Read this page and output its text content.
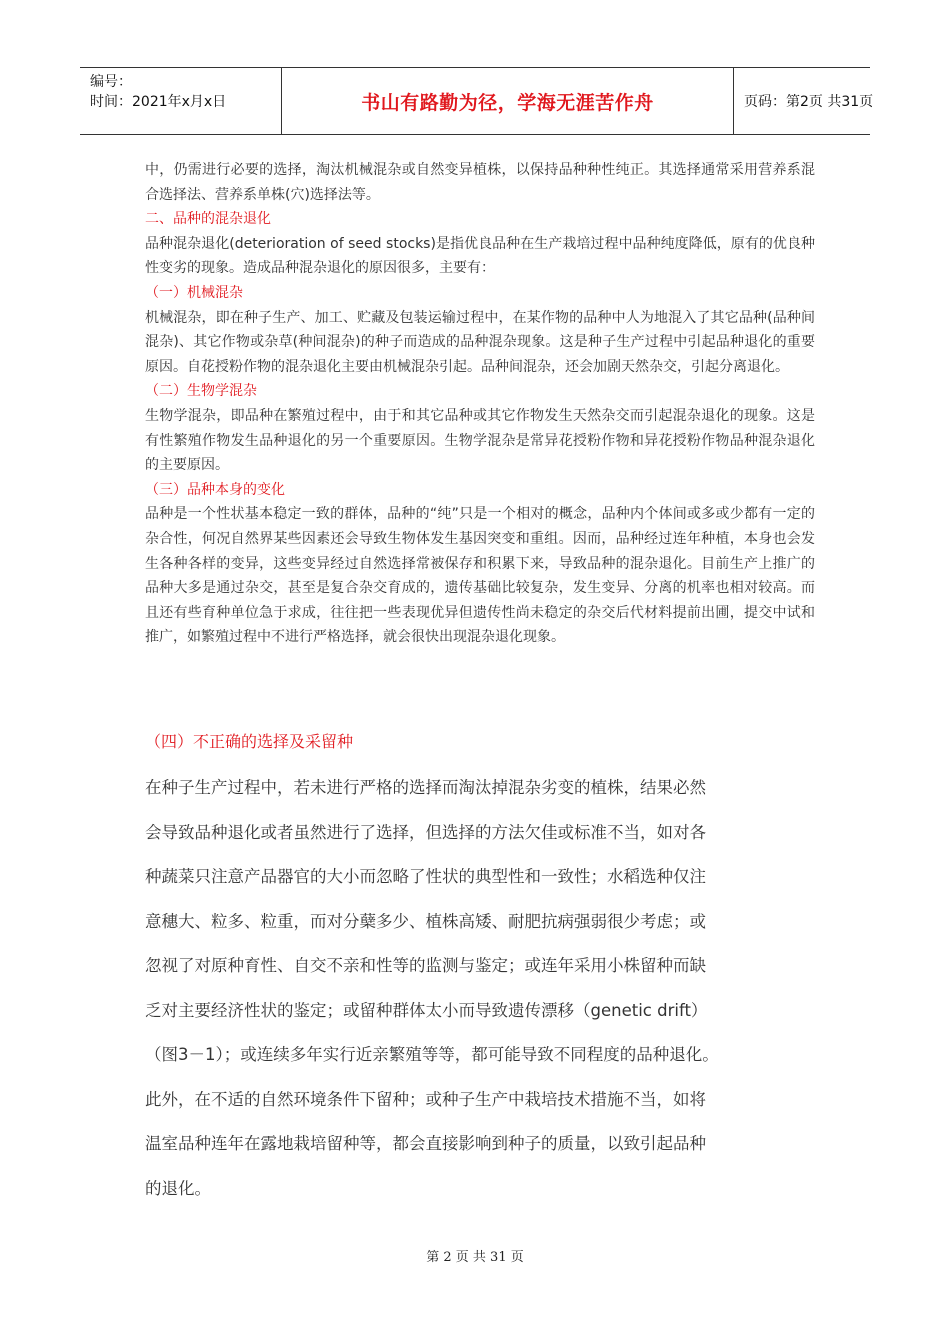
编号：
时间：2021年x月x日	书山有路勤为径，学海无涯苦作舟	页码：第2页 共31页

中，仍需进行必要的选择，淘汰机械混杂或自然变异植株，以保持品种种性纯正。其选择通常采用营养系混合选择法、营养系单株(穴)选择法等。

二、品种的混杂退化

品种混杂退化(deterioration of seed stocks)是指优良品种在生产栽培过程中品种纯度降低，原有的优良种性变劣的现象。造成品种混杂退化的原因很多，主要有：

（一）机械混杂

机械混杂，即在种子生产、加工、贮藏及包装运输过程中，在某作物的品种中人为地混入了其它品种(品种间混杂)、其它作物或杂草(种间混杂)的种子而造成的品种混杂现象。这是种子生产过程中引起品种退化的重要原因。自花授粉作物的混杂退化主要由机械混杂引起。品种间混杂，还会加剧天然杂交，引起分离退化。

（二）生物学混杂

生物学混杂，即品种在繁殖过程中，由于和其它品种或其它作物发生天然杂交而引起混杂退化的现象。这是有性繁殖作物发生品种退化的另一个重要原因。生物学混杂是常异花授粉作物和异花授粉作物品种混杂退化的主要原因。

（三）品种本身的变化

品种是一个性状基本稳定一致的群体，品种的“纯”只是一个相对的概念，品种内个体间或多或少都有一定的杂合性，何况自然界某些因素还会导致生物体发生基因突变和重组。因而，品种经过连年种植，本身也会发生各种各样的变异，这些变异经过自然选择常被保存和积累下来，导致品种的混杂退化。目前生产上推广的品种大多是通过杂交，甚至是复合杂交育成的，遗传基础比较复杂，发生变异、分离的机率也相对较高。而且还有些育种单位急于求成，往往把一些表现优异但遗传性尚未稳定的杂交后代材料提前出圃，提交中试和推广，如繁殖过程中不进行严格选择，就会很快出现混杂退化现象。

（四）不正确的选择及采留种

在种子生产过程中，若未进行严格的选择而淘汰掉混杂劣变的植株，结果必然

会导致品种退化或者虽然进行了选择，但选择的方法欠佳或标准不当，如对各

种蔬菜只注意产品器官的大小而忽略了性状的典型性和一致性；水稻选种仅注

意穗大、粒多、粒重，而对分蘖多少、植株高矮、耐肥抗病强弱很少考虑；或

忽视了对原种育性、自交不亲和性等的监测与鉴定；或连年采用小株留种而缺

乏对主要经济性状的鉴定；或留种群体太小而导致遗传漂移（genetic drift）

（图3－1）；或连续多年实行近亲繁殖等等，都可能导致不同程度的品种退化。

此外，在不适的自然环境条件下留种；或种子生产中栽培技术措施不当，如将

温室品种连年在露地栽培留种等，都会直接影响到种子的质量，以致引起品种

的退化。

第 2 页 共 31 页
